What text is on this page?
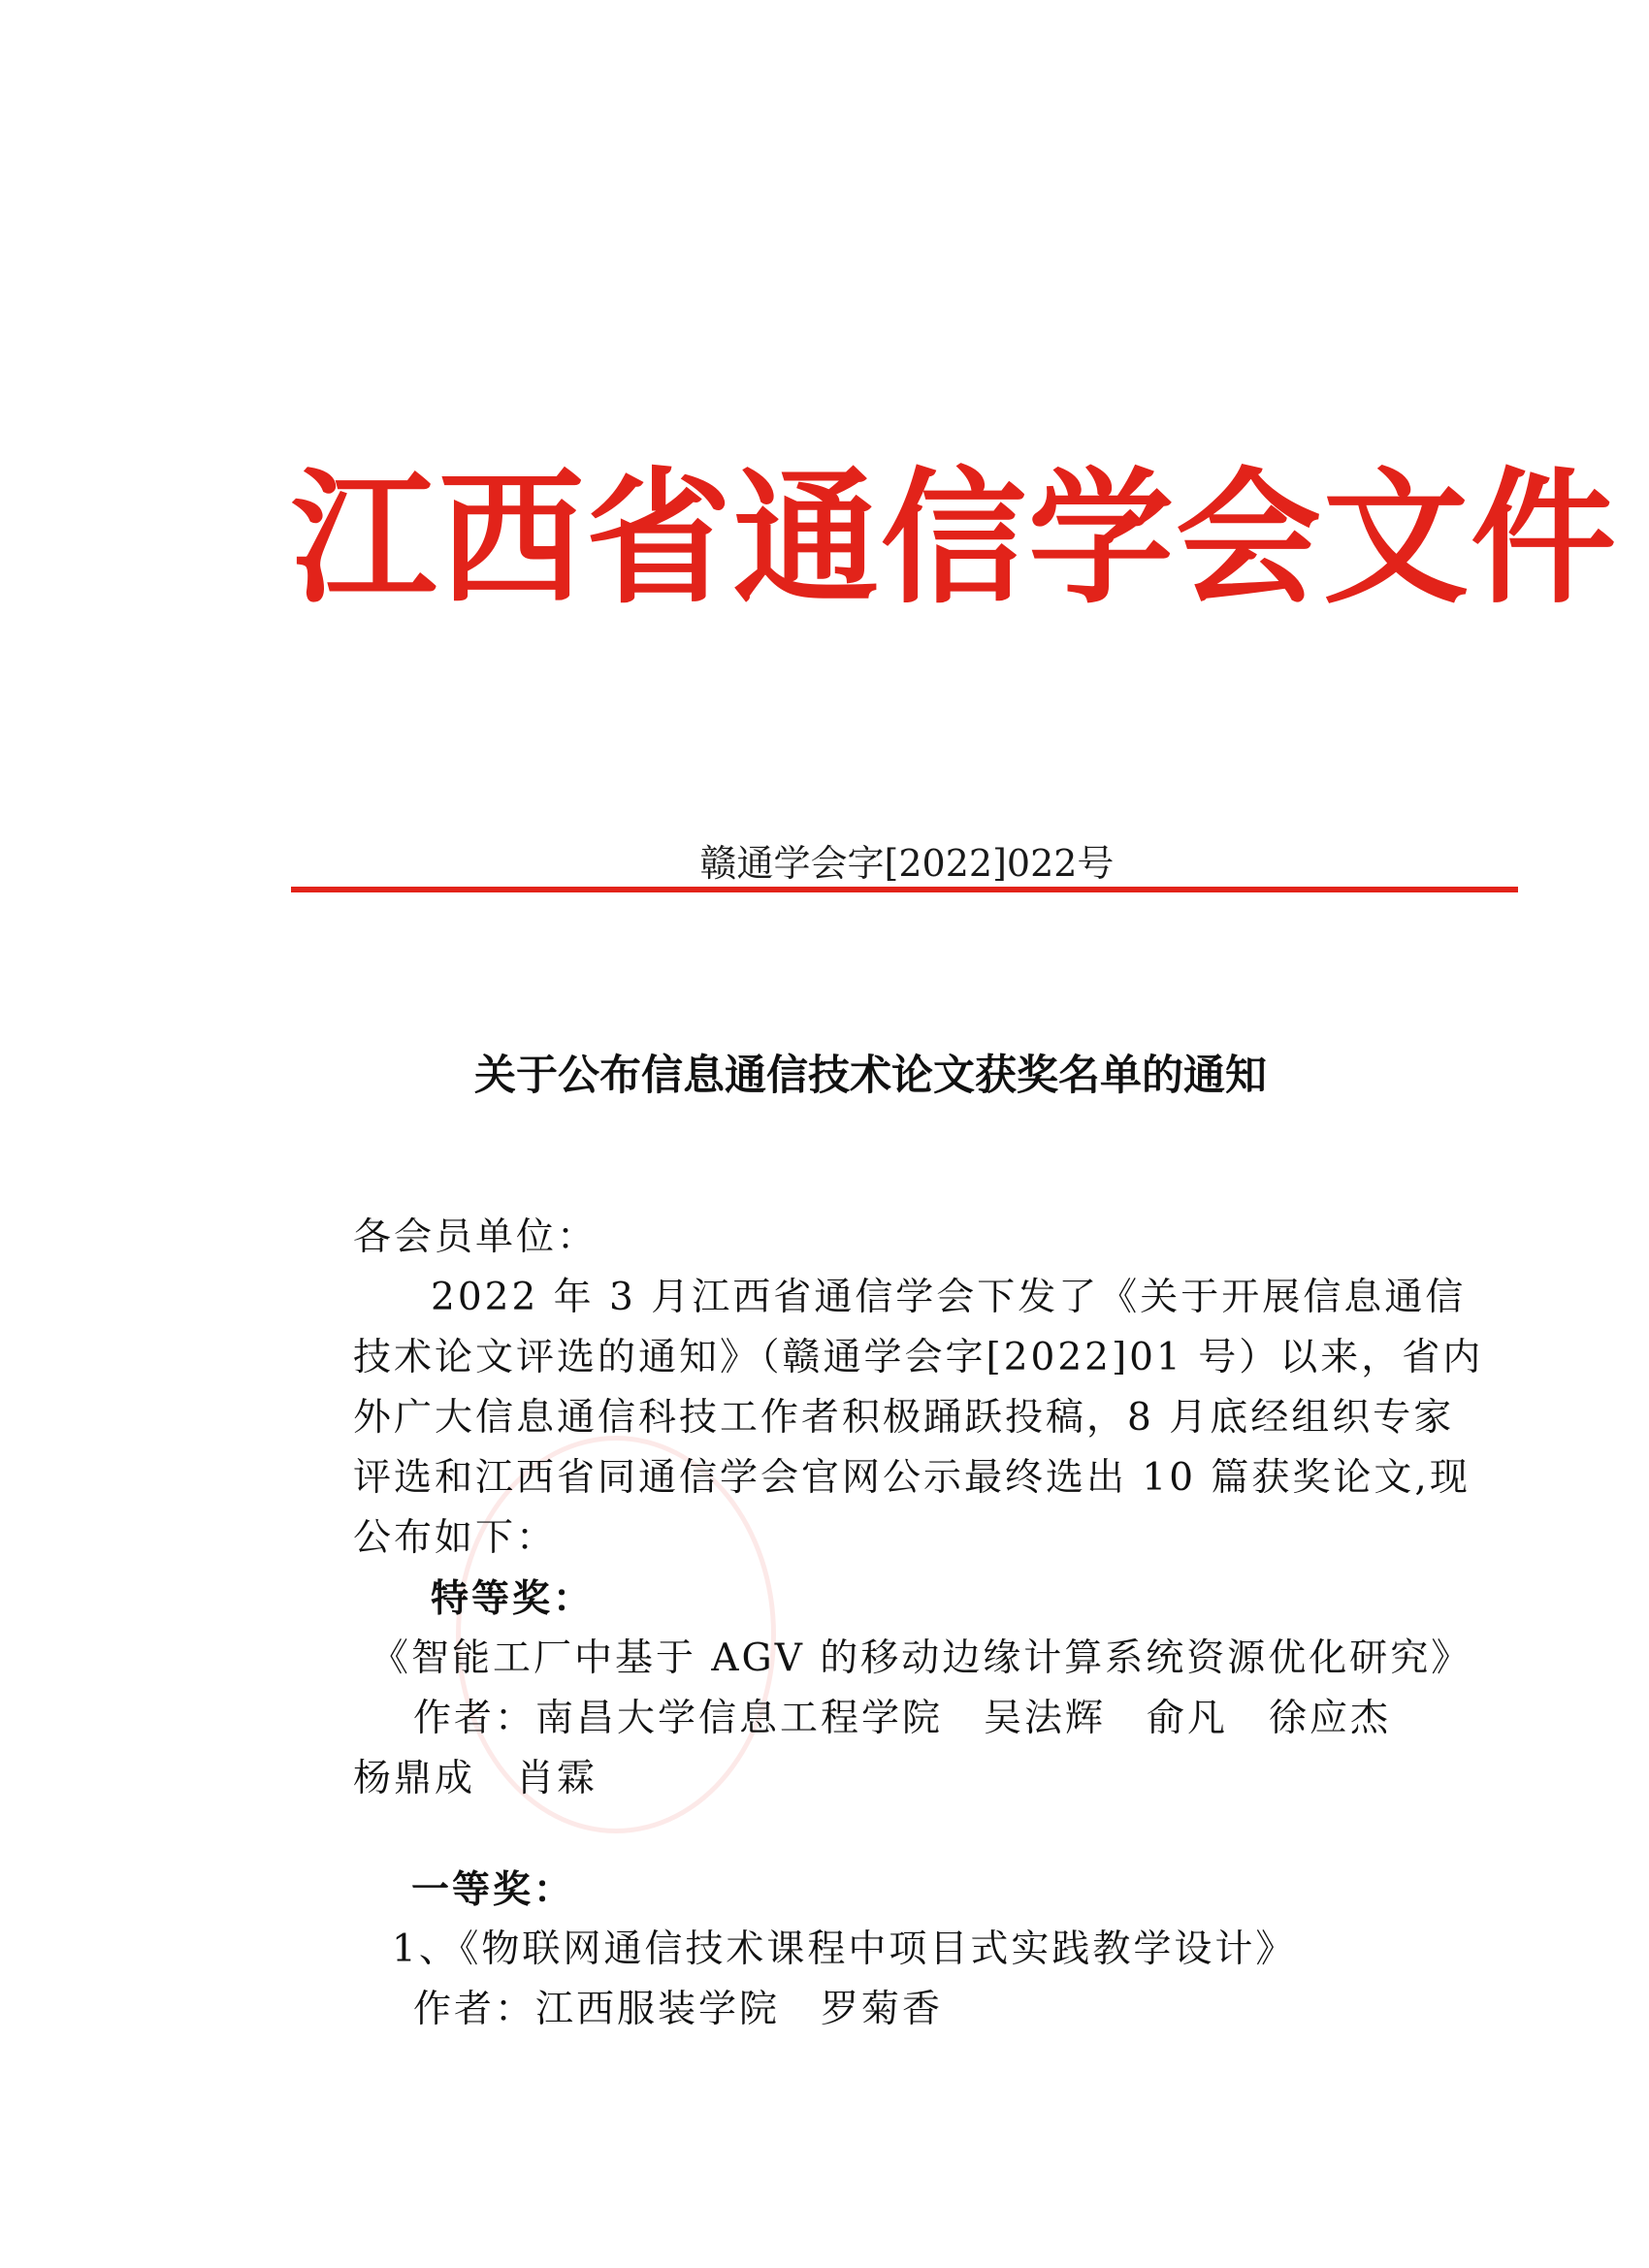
江西省通信学会文件
赣通学会字[2022]022号
关于公布信息通信技术论文获奖名单的通知

各会员单位：

2022 年 3 月江西省通信学会下发了《关于开展信息通信技术论文评选的通知》（赣通学会字[2022]01 号）以来，省内外广大信息通信科技工作者积极踊跃投稿，8 月底经组织专家评选和江西省同通信学会官网公示最终选出 10 篇获奖论文,现公布如下：

特等奖：

《智能工厂中基于 AGV 的移动边缘计算系统资源优化研究》

作者：南昌大学信息工程学院　吴法辉　俞凡　徐应杰

杨鼎成　肖霖

一等奖：

1、《物联网通信技术课程中项目式实践教学设计》

作者：江西服装学院　罗菊香
